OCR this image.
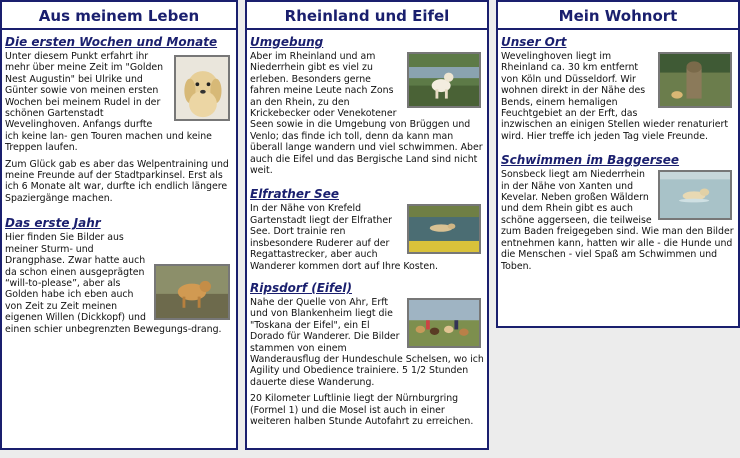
Aus meinem Leben
Die ersten Wochen und Monate

Unter diesem Punkt erfahrt ihr mehr über meine Zeit im "Golden Nest Augustin" bei Ulrike und Günter sowie von meinen ersten Wochen bei meinem Rudel in der schönen Gartenstadt Wevelinghoven. Anfangs durfte ich keine lan- gen Touren machen und keine Treppen laufen.

Zum Glück gab es aber das Welpentraining und meine Freunde auf der Stadtparkinsel. Erst als ich 6 Monate alt war, durfte ich endlich längere Spaziergänge machen.

Das erste Jahr

Hier finden Sie Bilder aus meiner Sturm- und Drangphase. Zwar hatte auch da schon einen ausgeprägten “will-to-please”, aber als Golden habe ich eben auch von Zeit zu Zeit meinen eigenen Willen (Dickkopf) und einen schier unbegrenzten Bewegungs-drang.

Rheinland und Eifel
Umgebung

Aber im Rheinland und am Niederrhein gibt es viel zu erleben. Besonders gerne fahren meine Leute nach Zons an den Rhein, zu den Krickebecker oder Venekotener Seen sowie in die Umgebung von Brüggen und Venlo; das finde ich toll, denn da kann man überall lange wandern und viel schwimmen. Aber auch die Eifel und das Bergische Land sind nicht weit.

Elfrather See

In der Nähe von Krefeld Gartenstadt liegt der Elfrather See. Dort trainie ren insbesondere Ruderer auf der Regattastrecker, aber auch Wanderer kommen dort auf Ihre Kosten.

Ripsdorf (Eifel)

Nahe der Quelle von Ahr, Erft und von Blankenheim liegt die "Toskana der Eifel", ein El Dorado für Wanderer. Die Bilder stammen von einem Wanderausflug der Hundeschule Schelsen, wo ich Agility und Obedience trainiere. 5 1/2 Stunden dauerte diese Wanderung.

20 Kilometer Luftlinie liegt der Nürnburgring (Formel 1) und die Mosel ist auch in einer weiteren halben Stunde Autofahrt zu erreichen.

Mein Wohnort
Unser Ort

Wevelinghoven liegt im Rheinland ca. 30 km entfernt von Köln und Düsseldorf. Wir wohnen direkt in der Nähe des Bends, einem hemaligen Feuchtgebiet an der Erft, das inzwischen an einigen Stellen wieder renaturiert wird. Hier treffe ich jeden Tag viele Freunde.

Schwimmen im Baggersee

Sonsbeck liegt am Niederrhein in der Nähe von Xanten und Kevelar. Neben großen Wäldern und dem Rhein gibt es auch schöne aggerseen, die teilweise zum Baden freigegeben sind. Wie man den Bilder entnehmen kann, hatten wir alle - die Hunde und die Menschen - viel Spaß am Schwimmen und Toben.
